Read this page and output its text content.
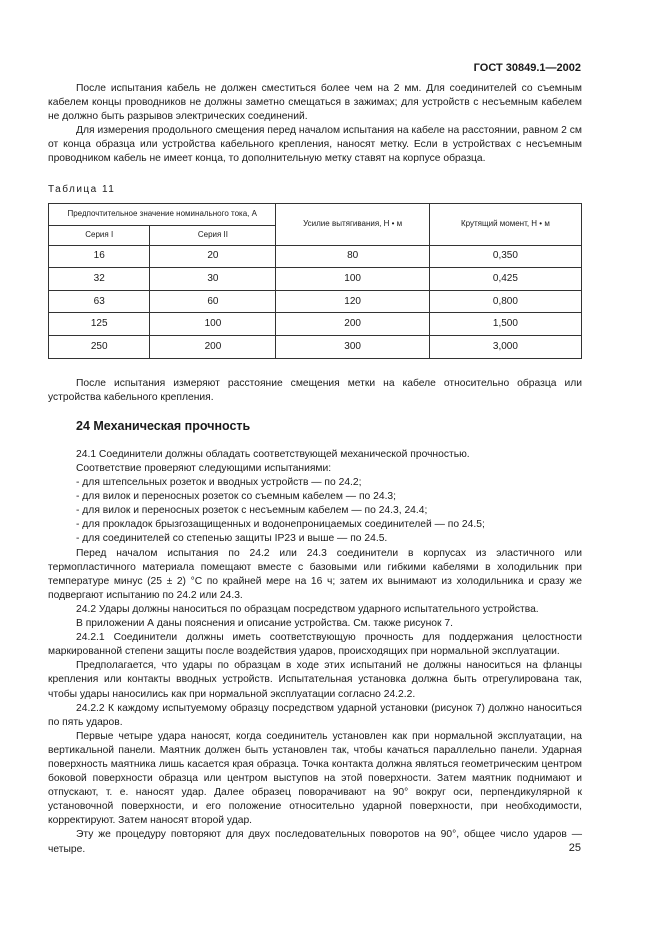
ГОСТ 30849.1—2002

После испытания кабель не должен сместиться более чем на 2 мм. Для соединителей со съемным кабелем концы проводников не должны заметно смещаться в зажимах; для устройств с несъемным кабелем не должно быть разрывов электрических соединений.

Для измерения продольного смещения перед началом испытания на кабеле на расстоянии, равном 2 см от конца образца или устройства кабельного крепления, наносят метку. Если в устройствах с несъемным проводником кабель не имеет конца, то дополнительную метку ставят на корпусе образца.

Таблица 11

Предпочтительное значение номинального тока, А		Усилие вытягивания, Н • м	Крутящий момент, Н • м
Серия I	Серия II		
16	20	80	0,350
32	30	100	0,425
63	60	120	0,800
125	100	200	1,500
250	200	300	3,000

После испытания измеряют расстояние смещения метки на кабеле относительно образца или устройства кабельного крепления.

24 Механическая прочность

24.1 Соединители должны обладать соответствующей механической прочностью.

Соответствие проверяют следующими испытаниями:

- для штепсельных розеток и вводных устройств — по 24.2;
- для вилок и переносных розеток со съемным кабелем — по 24.3;
- для вилок и переносных розеток с несъемным кабелем — по 24.3, 24.4;
- для прокладок брызгозащищенных и водонепроницаемых соединителей — по 24.5;
- для соединителей со степенью защиты IP23 и выше — по 24.5.

Перед началом испытания по 24.2 или 24.3 соединители в корпусах из эластичного или термопластичного материала помещают вместе с базовыми или гибкими кабелями в холодильник при температуре минус (25 ± 2) °С по крайней мере на 16 ч; затем их вынимают из холодильника и сразу же подвергают испытанию по 24.2 или 24.3.

24.2 Удары должны наноситься по образцам посредством ударного испытательного устройства.

В приложении А даны пояснения и описание устройства. См. также рисунок 7.

24.2.1 Соединители должны иметь соответствующую прочность для поддержания целостности маркированной степени защиты после воздействия ударов, происходящих при нормальной эксплуатации.

Предполагается, что удары по образцам в ходе этих испытаний не должны наноситься на фланцы крепления или контакты вводных устройств. Испытательная установка должна быть отрегулирована так, чтобы удары наносились как при нормальной эксплуатации согласно 24.2.2.

24.2.2 К каждому испытуемому образцу посредством ударной установки (рисунок 7) должно наноситься по пять ударов.

Первые четыре удара наносят, когда соединитель установлен как при нормальной эксплуатации, на вертикальной панели. Маятник должен быть установлен так, чтобы качаться параллельно панели. Ударная поверхность маятника лишь касается края образца. Точка контакта должна являться геометрическим центром боковой поверхности образца или центром выступов на этой поверхности. Затем маятник поднимают и отпускают, т. е. наносят удар. Далее образец поворачивают на 90° вокруг оси, перпендикулярной к установочной поверхности, и его положение относительно ударной поверхности, при необходимости, корректируют. Затем наносят второй удар.

Эту же процедуру повторяют для двух последовательных поворотов на 90°, общее число ударов — четыре.	25
